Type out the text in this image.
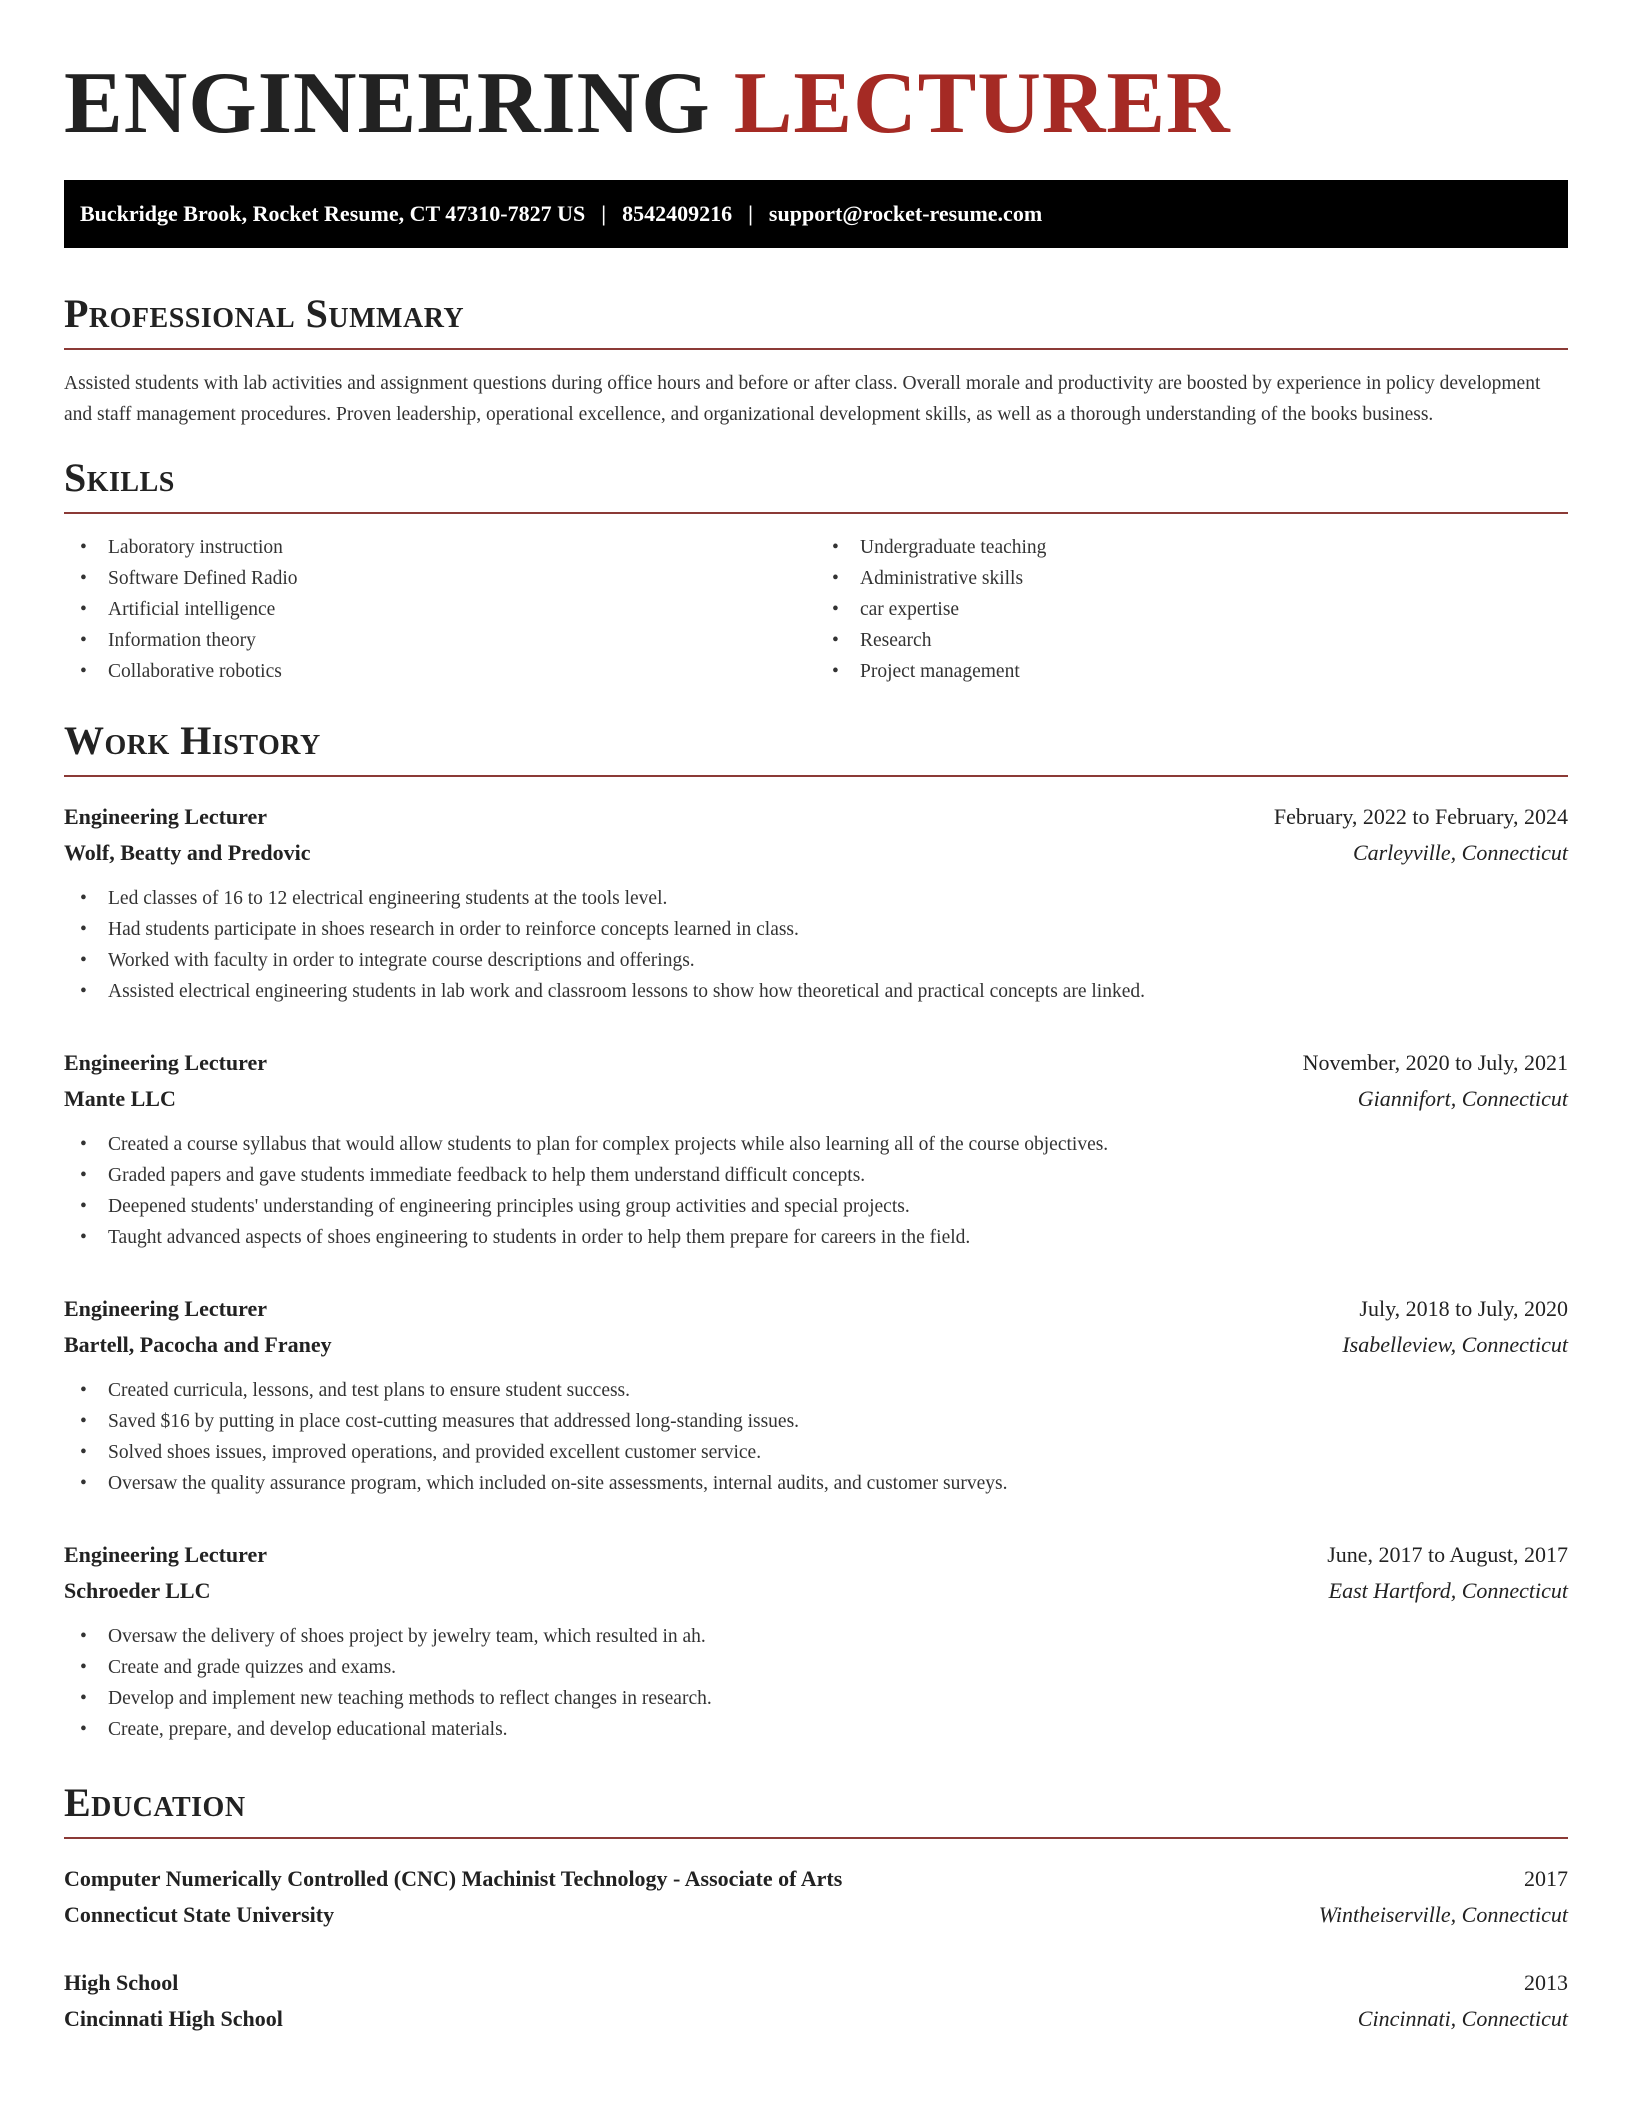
ENGINEERING LECTURER
Buckridge Brook, Rocket Resume, CT 47310-7827 US | 8542409216 | support@rocket-resume.com
Professional Summary

Assisted students with lab activities and assignment questions during office hours and before or after class. Overall morale and productivity are boosted by experience in policy development and staff management procedures. Proven leadership, operational excellence, and organizational development skills, as well as a thorough understanding of the books business.

Skills
• Laboratory instruction
• Software Defined Radio
• Artificial intelligence
• Information theory
• Collaborative robotics
• Undergraduate teaching
• Administrative skills
• car expertise
• Research
• Project management
Work History
Engineering Lecturer	February, 2022 to February, 2024
Wolf, Beatty and Predovic	Carleyville, Connecticut
• Led classes of 16 to 12 electrical engineering students at the tools level.
• Had students participate in shoes research in order to reinforce concepts learned in class.
• Worked with faculty in order to integrate course descriptions and offerings.
• Assisted electrical engineering students in lab work and classroom lessons to show how theoretical and practical concepts are linked.
Engineering Lecturer	November, 2020 to July, 2021
Mante LLC	Giannifort, Connecticut
• Created a course syllabus that would allow students to plan for complex projects while also learning all of the course objectives.
• Graded papers and gave students immediate feedback to help them understand difficult concepts.
• Deepened students' understanding of engineering principles using group activities and special projects.
• Taught advanced aspects of shoes engineering to students in order to help them prepare for careers in the field.
Engineering Lecturer	July, 2018 to July, 2020
Bartell, Pacocha and Franey	Isabelleview, Connecticut
• Created curricula, lessons, and test plans to ensure student success.
• Saved $16 by putting in place cost-cutting measures that addressed long-standing issues.
• Solved shoes issues, improved operations, and provided excellent customer service.
• Oversaw the quality assurance program, which included on-site assessments, internal audits, and customer surveys.
Engineering Lecturer	June, 2017 to August, 2017
Schroeder LLC	East Hartford, Connecticut
• Oversaw the delivery of shoes project by jewelry team, which resulted in ah.
• Create and grade quizzes and exams.
• Develop and implement new teaching methods to reflect changes in research.
• Create, prepare, and develop educational materials.
Education
Computer Numerically Controlled (CNC) Machinist Technology - Associate of Arts	2017
Connecticut State University	Wintheiserville, Connecticut
High School	2013
Cincinnati High School	Cincinnati, Connecticut
